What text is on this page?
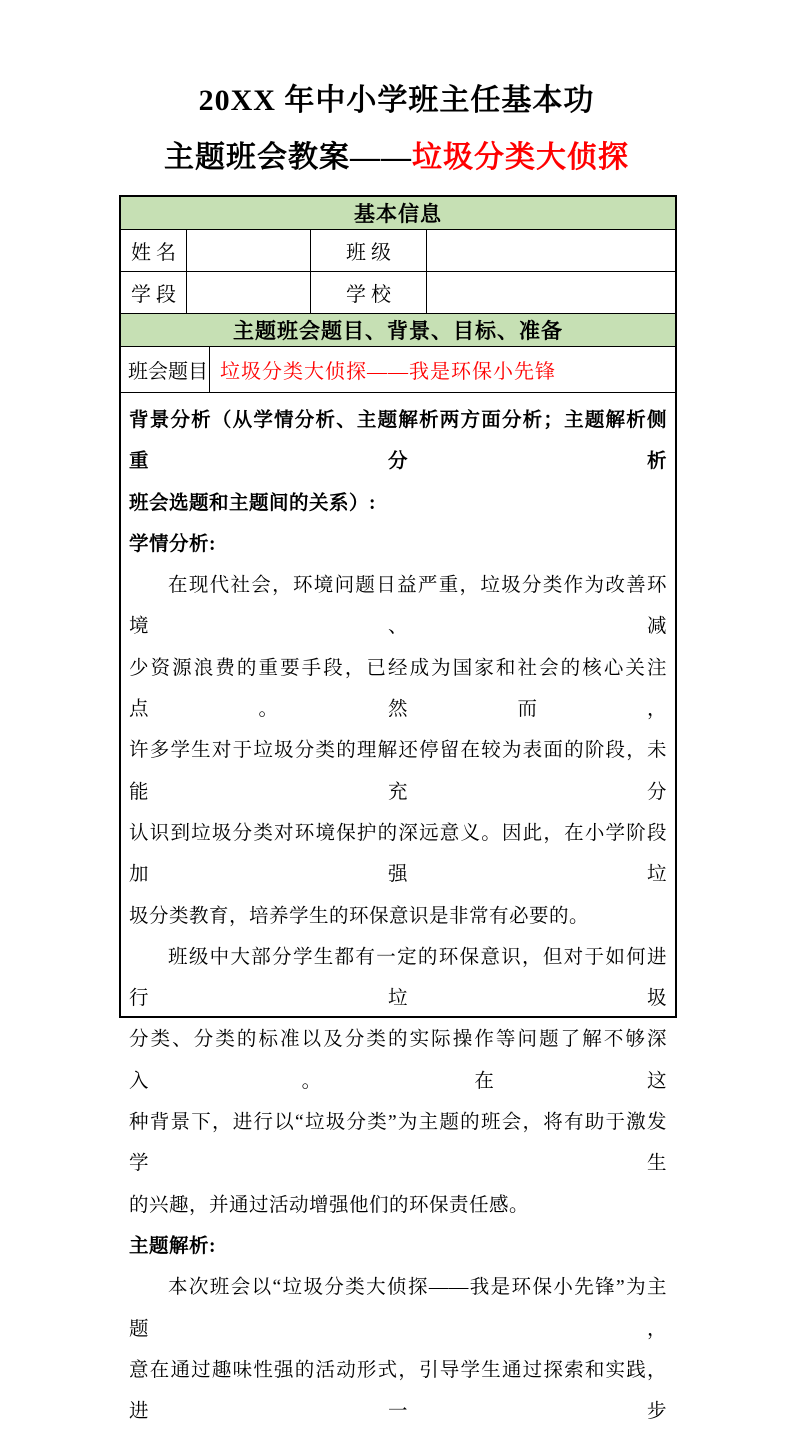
20XX 年中小学班主任基本功
主题班会教案——垃圾分类大侦探
基本信息
姓名	班级
学段	学校
主题班会题目、背景、目标、准备
班 会 题 目 垃圾分类大侦探——我是环保小先锋
背景分析（从学情分析、主题解析两方面分析；主题解析侧重分析
班会选题和主题间的关系）:
学情分析:
在现代社会，环境问题日益严重，垃圾分类作为改善环境、减
少资源浪费的重要手段，已经成为国家和社会的核心关注点。然而，
许多学生对于垃圾分类的理解还停留在较为表面的阶段，未能充分
认识到垃圾分类对环境保护的深远意义。因此，在小学阶段加强垃
圾分类教育，培养学生的环保意识是非常有必要的。
班级中大部分学生都有一定的环保意识，但对于如何进行垃圾
分类、分类的标准以及分类的实际操作等问题了解不够深入。在这
种背景下，进行以“垃圾分类”为主题的班会，将有助于激发学生
的兴趣，并通过活动增强他们的环保责任感。
主题解析:
本次班会以“垃圾分类大侦探——我是环保小先锋”为主题，
意在通过趣味性强的活动形式，引导学生通过探索和实践，进一步
